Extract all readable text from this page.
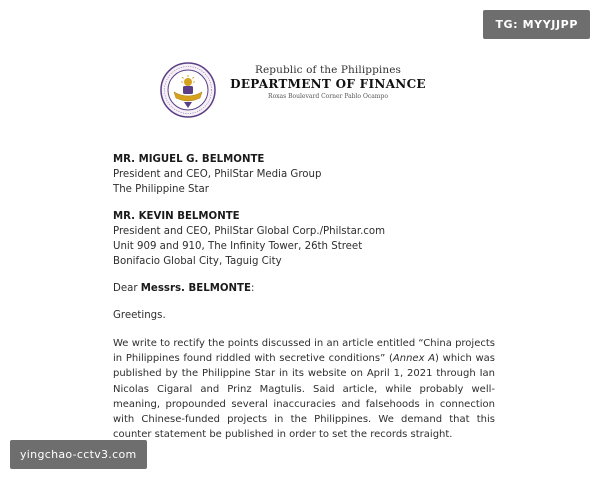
Republic of the Philippines
DEPARTMENT OF FINANCE
Roxas Boulevard Corner Pablo Ocampo
MR. MIGUEL G. BELMONTE
President and CEO, PhilStar Media Group
The Philippine Star
MR. KEVIN BELMONTE
President and CEO, PhilStar Global Corp./Philstar.com
Unit 909 and 910, The Infinity Tower, 26th Street
Bonifacio Global City, Taguig City
Dear Messrs. BELMONTE:
Greetings.
We write to rectify the points discussed in an article entitled “China projects in Philippines found riddled with secretive conditions” (Annex A) which was published by the Philippine Star in its website on April 1, 2021 through Ian Nicolas Cigaral and Prinz Magtulis. Said article, while probably well-meaning, propounded several inaccuracies and falsehoods in connection with Chinese-funded projects in the Philippines. We demand that this counter statement be published in order to set the records straight.
TG: MYYJJPP
yingchao-cctv3.com
